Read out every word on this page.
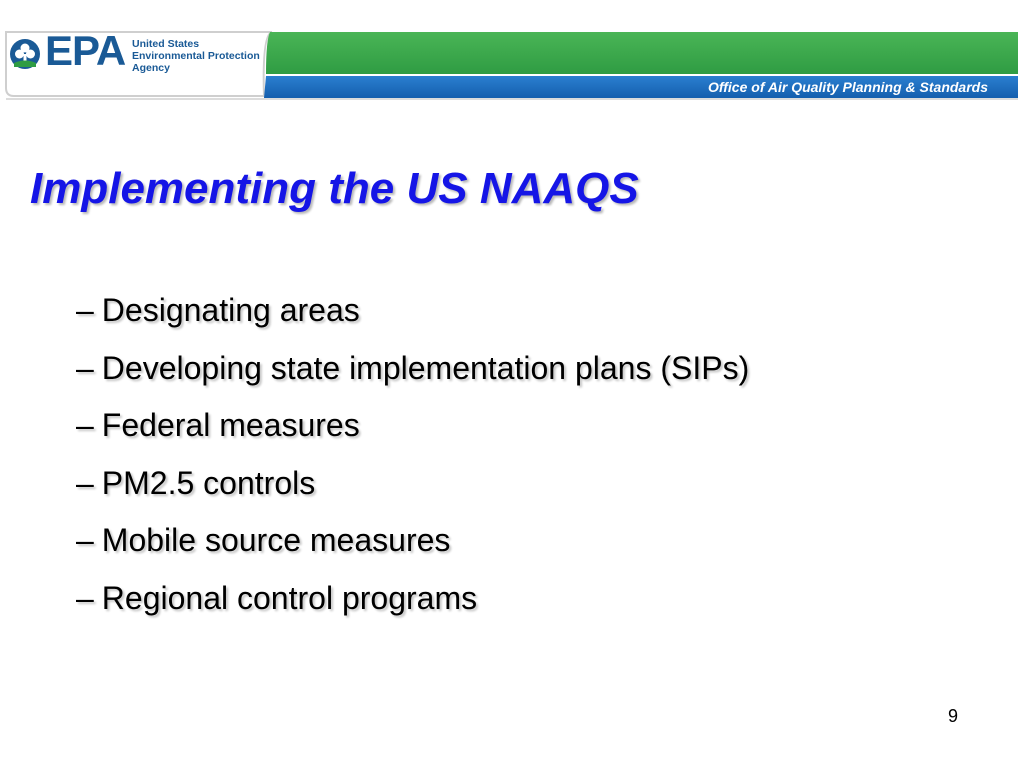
EPA United States
Environmental Protection
Agency
Office of Air Quality Planning & Standards
Implementing the US NAAQS
– Designating areas
– Developing state implementation plans (SIPs)
– Federal measures
– PM2.5 controls
– Mobile source measures
– Regional control programs
9
